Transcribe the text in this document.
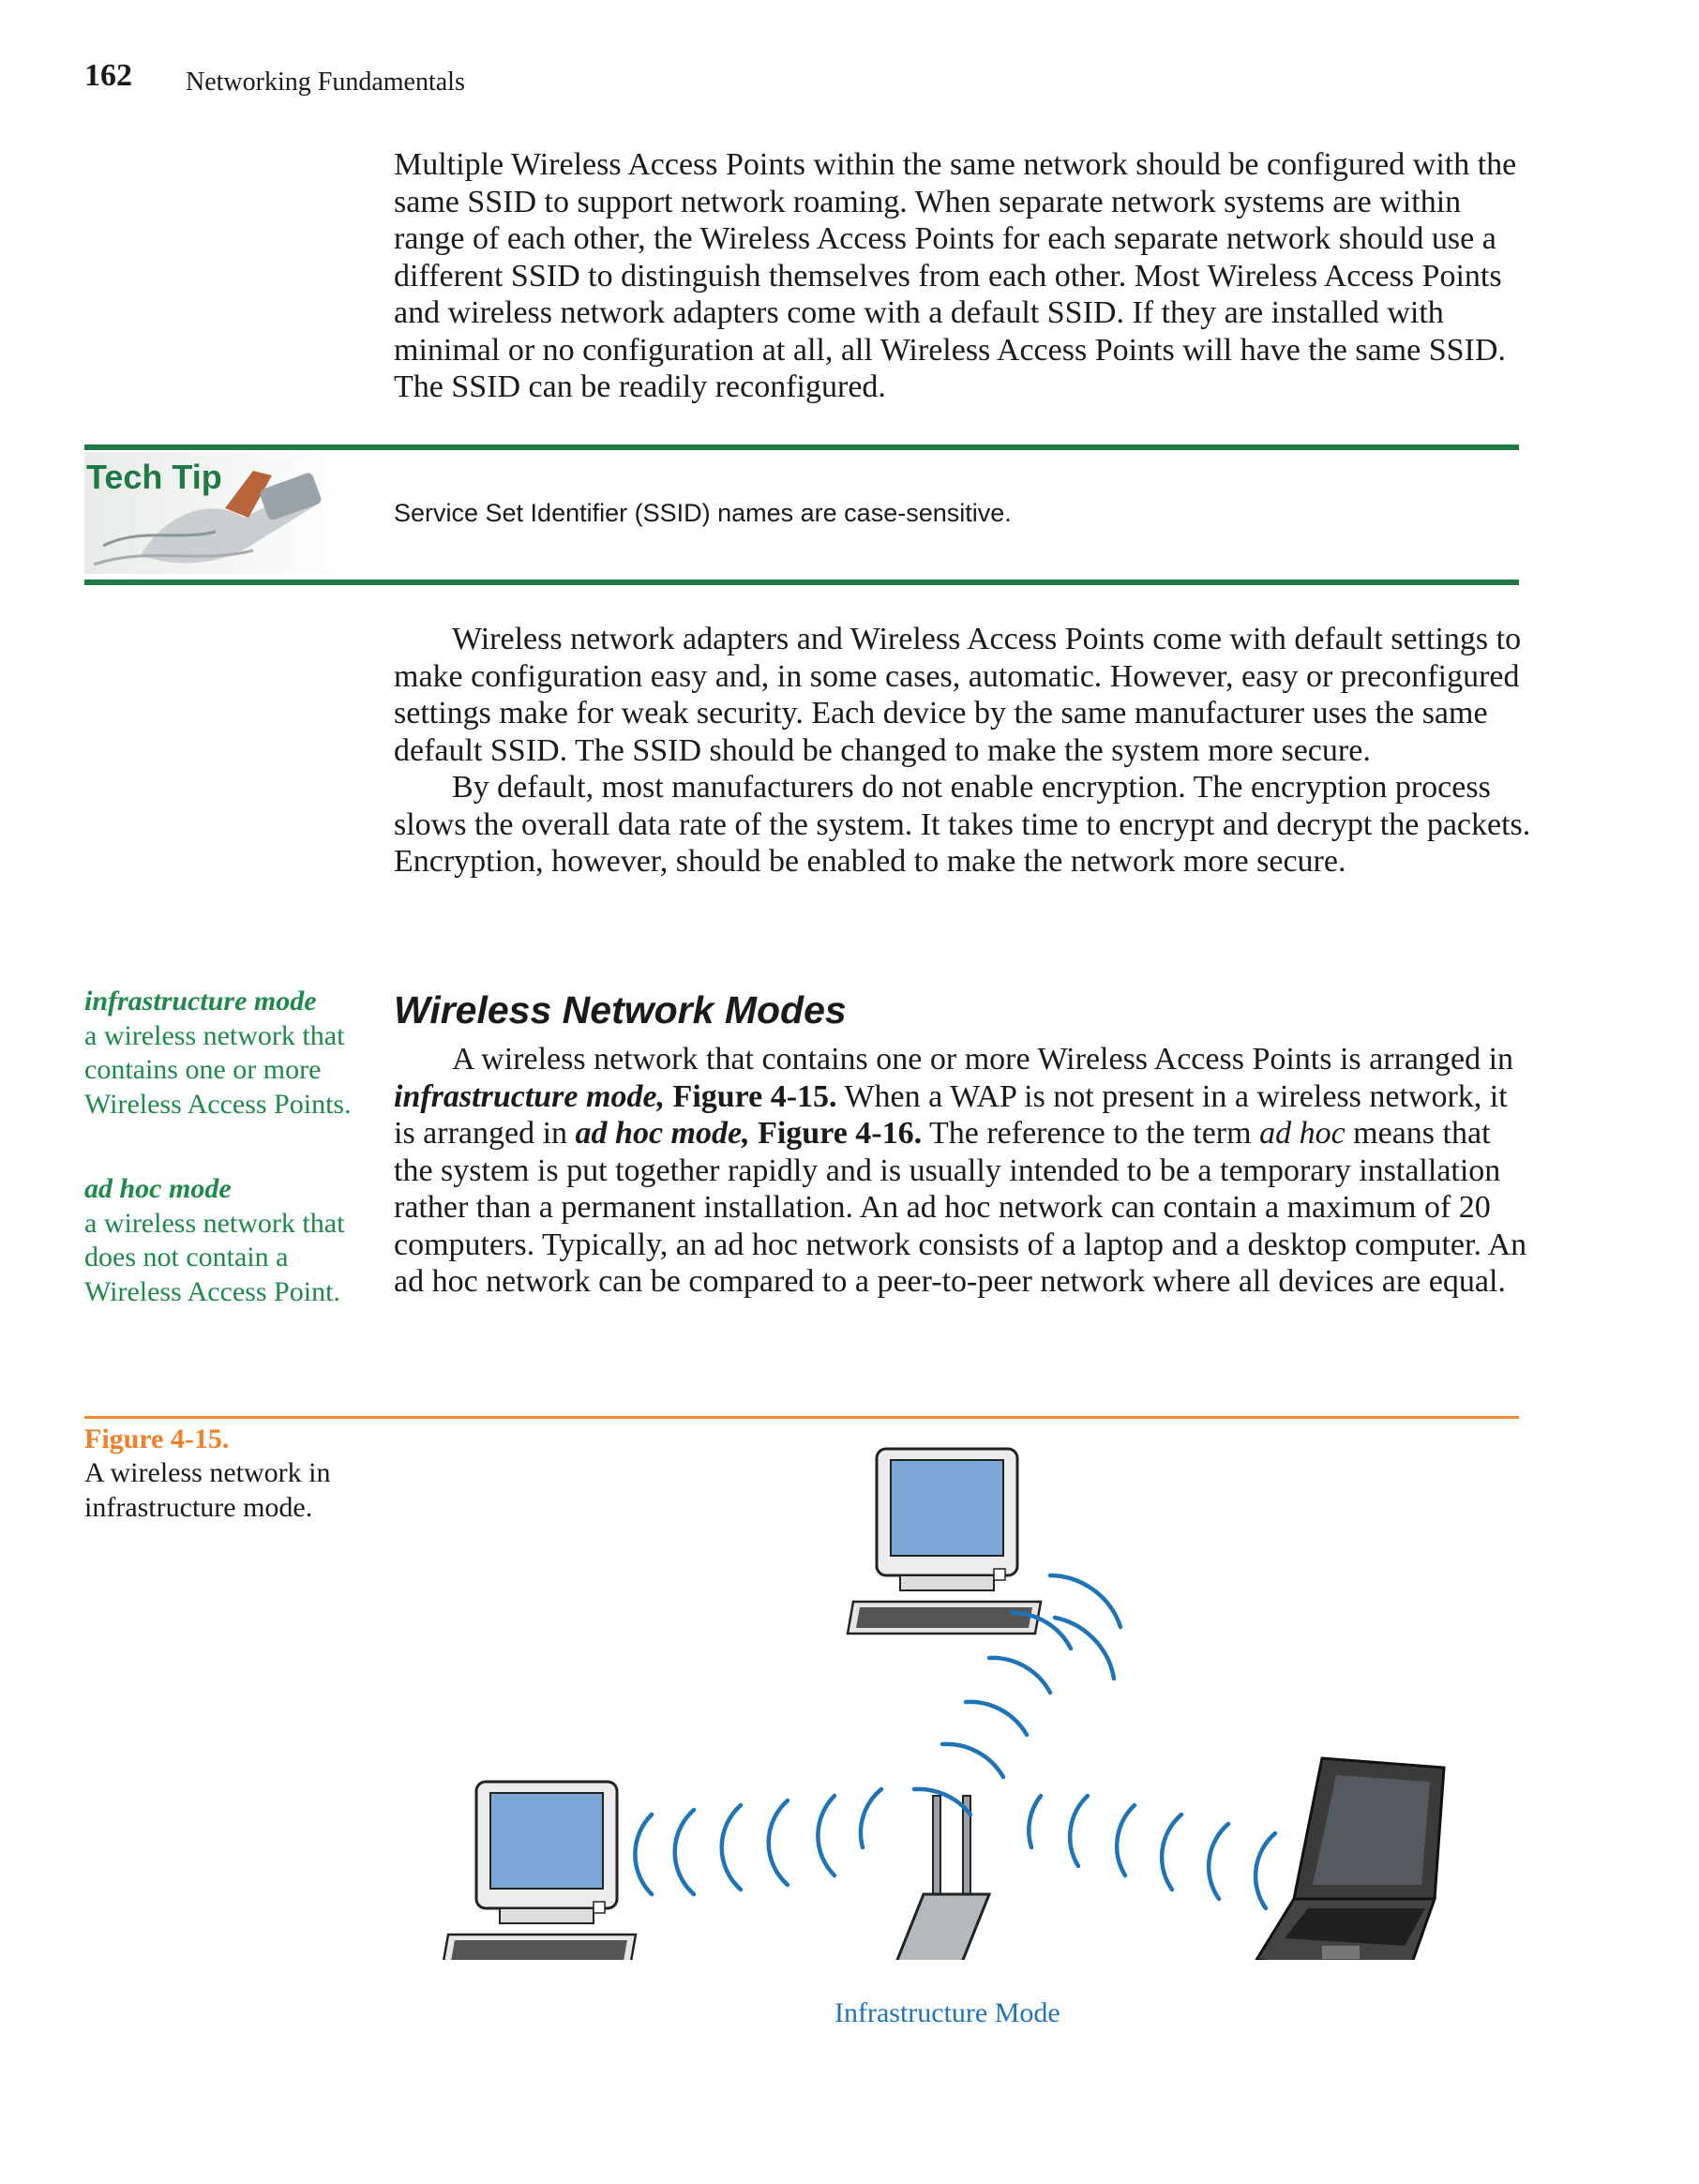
162 Networking Fundamentals

Multiple Wireless Access Points within the same network should be configured with the same SSID to support network roaming. When separate network systems are within range of each other, the Wireless Access Points for each separate network should use a different SSID to distinguish themselves from each other. Most Wireless Access Points and wireless network adapters come with a default SSID. If they are installed with minimal or no configuration at all, all Wireless Access Points will have the same SSID. The SSID can be readily reconfigured.

Tech Tip
Service Set Identifier (SSID) names are case-sensitive.

Wireless network adapters and Wireless Access Points come with default settings to make configuration easy and, in some cases, automatic. However, easy or preconfigured settings make for weak security. Each device by the same manufacturer uses the same default SSID. The SSID should be changed to make the system more secure.

By default, most manufacturers do not enable encryption. The encryption process slows the overall data rate of the system. It takes time to encrypt and decrypt the packets. Encryption, however, should be enabled to make the network more secure.

infrastructure mode
a wireless network that contains one or more Wireless Access Points.
ad hoc mode
a wireless network that does not contain a Wireless Access Point.
Wireless Network Modes

A wireless network that contains one or more Wireless Access Points is arranged in infrastructure mode, Figure 4-15. When a WAP is not present in a wireless network, it is arranged in ad hoc mode, Figure 4-16. The reference to the term ad hoc means that the system is put together rapidly and is usually intended to be a temporary installation rather than a permanent installation. An ad hoc network can contain a maximum of 20 computers. Typically, an ad hoc network consists of a laptop and a desktop computer. An ad hoc network can be compared to a peer-to-peer network where all devices are equal.

Figure 4-15.
A wireless network in infrastructure mode.
Infrastructure Mode
